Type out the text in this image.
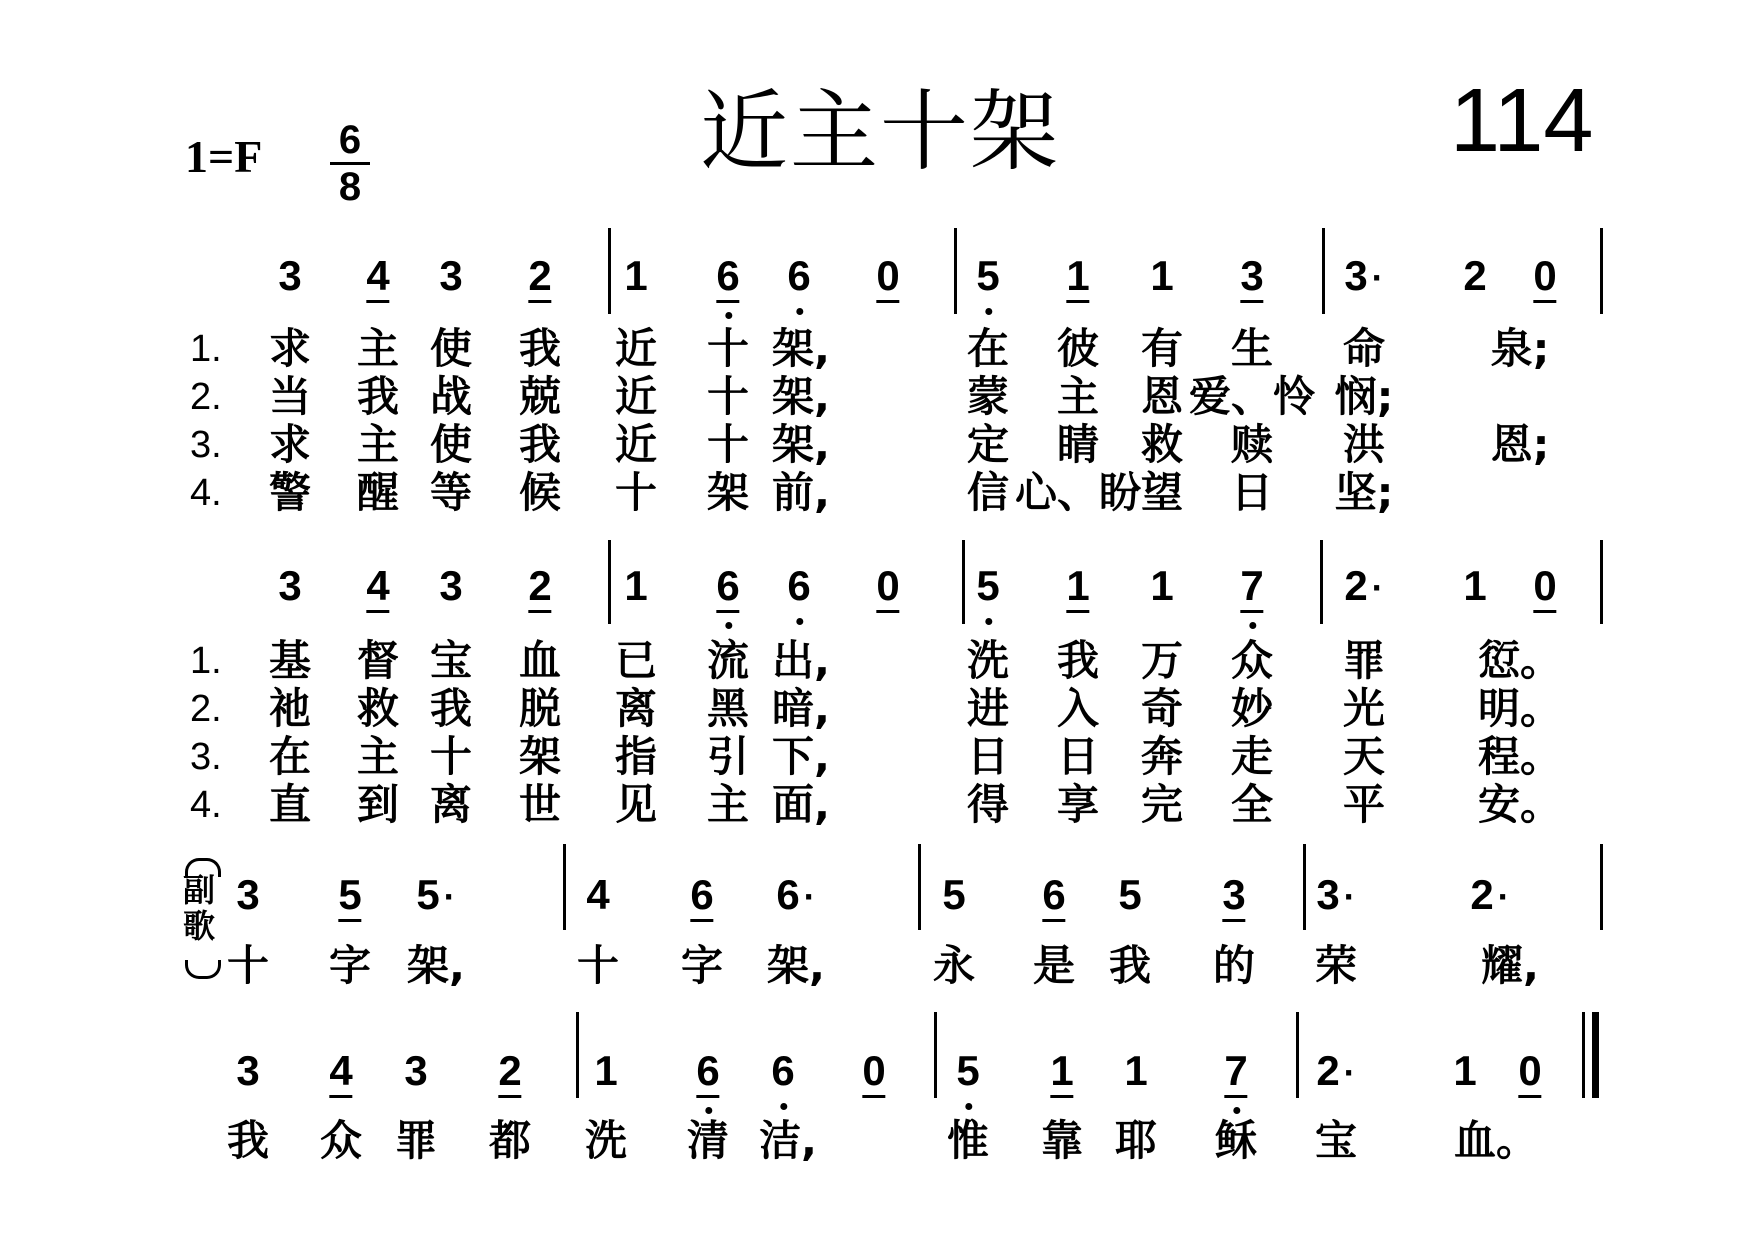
近主十架	114
1=F 6
8
3 4 3 2 1 6 6 0 5 1 1 3 3 · 2 0
1. 求 主 使 我 近 十 架,	在 彼 有 生 命	泉;
2. 当 我 战 兢 近 十 架,	蒙 主 恩 爱、怜 悯;
3. 求 主 使 我 近 十 架,	定 睛 救 赎 洪	恩;
4. 警 醒 等 候 十 架 前,	信 心、盼 望 日 坚;
3 4 3 2 1 6 6 0 5 1 1 7 2 · 1 0
1. 基 督 宝 血 已 流 出,	洗 我 万 众 罪 愆。
2. 祂 救 我 脱 离 黑 暗,	进 入 奇 妙 光 明。
3. 在 主 十 架 指 引 下,	日 日 奔 走 天 程。
4. 直 到 离 世 见 主 面,	得 享 完 全 平 安。
3 5 5 ·	4 6 6 ·	5 6 5 3 3 ·	2 ·
十 字 架,	十 字 架,	永 是 我 的 荣	耀,
3 4 3 2 1 6 6 0 5 1 1 7 2 · 1 0
我 众 罪 都 洗 清 洁,	惟 靠 耶 稣 宝 血。
副歌
